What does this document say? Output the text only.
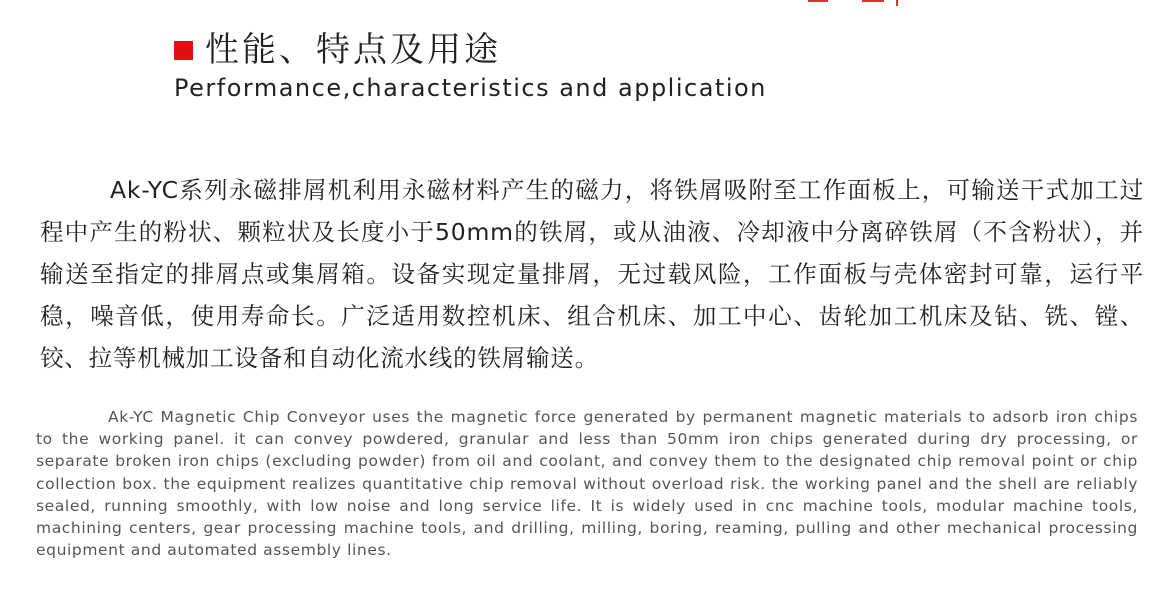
性能、特点及用途
Performance,characteristics and application

Ak-YC系列永磁排屑机利用永磁材料产生的磁力，将铁屑吸附至工作面板上，可输送干式加工过程中产生的粉状、颗粒状及长度小于50mm的铁屑，或从油液、冷却液中分离碎铁屑（不含粉状），并输送至指定的排屑点或集屑箱。设备实现定量排屑，无过载风险，工作面板与壳体密封可靠，运行平稳，噪音低，使用寿命长。广泛适用数控机床、组合机床、加工中心、齿轮加工机床及钻、铣、镗、铰、拉等机械加工设备和自动化流水线的铁屑输送。

Ak-YC Magnetic Chip Conveyor uses the magnetic force generated by permanent magnetic materials to adsorb iron chips to the working panel. it can convey powdered, granular and less than 50mm iron chips generated during dry processing, or separate broken iron chips (excluding powder) from oil and coolant, and convey them to the designated chip removal point or chip collection box. the equipment realizes quantitative chip removal without overload risk. the working panel and the shell are reliably sealed, running smoothly, with low noise and long service life. It is widely used in cnc machine tools, modular machine tools, machining centers, gear processing machine tools, and drilling, milling, boring, reaming, pulling and other mechanical processing equipment and automated assembly lines.
